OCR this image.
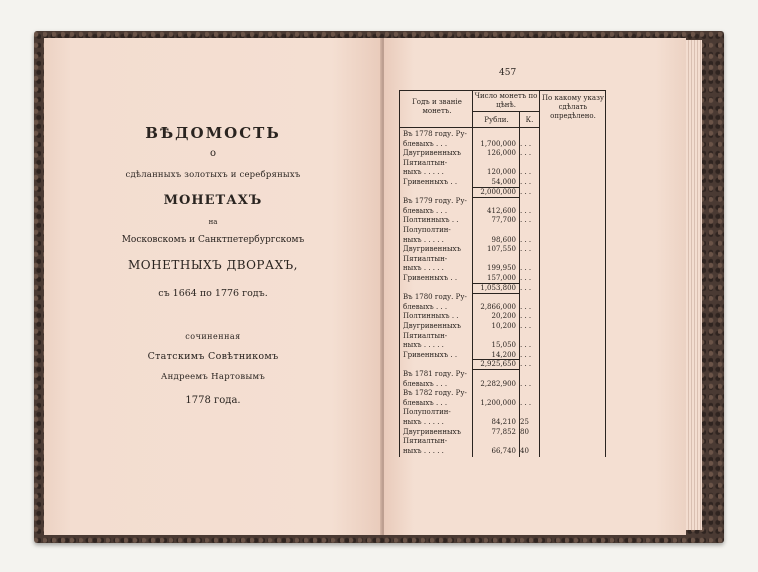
ВѢДОМОСТЬ
о
сдѣланныхъ золотыхъ и серебряныхъ
МОНЕТАХЪ
на
Московскомъ и Санктпетербургскомъ
МОНЕТНЫХЪ ДВОРАХЪ,
съ 1664 по 1776 годъ.
сочиненная
Статскимъ Совѣтникомъ
Андреемъ Нартовымъ
1778 года.
457
Годъ и званіе монетъ.
Число монетъ по цѣнѣ.
Рубли.	К.
По какому указу сдѣлать опредѣлено.
Въ 1778 году. Ру-
блевыхъ . . .	1,700,000 . . .
Двугривенныхъ	126,000 . . .
Пятиалтын-
ныхъ . . . . .	120,000 . . .
Гривенныхъ . .	54,000 . . .
2,000,000 . . .
Въ 1779 году. Ру-
блевыхъ . . .	412,600 . . .
Полтинныхъ . .	77,700 . . .
Полуполтин-
ныхъ . . . . .	98,600 . . .
Двугривенныхъ	107,550 . . .
Пятиалтын-
ныхъ . . . . .	199,950 . . .
Гривенныхъ . .	157,000 . . .
1,053,800 . . .
Въ 1780 году. Ру-
блевыхъ . . .	2,866,000 . . .
Полтинныхъ . .	20,200 . . .
Двугривенныхъ	10,200 . . .
Пятиалтын-
ныхъ . . . . .	15,050 . . .
Гривенныхъ . .	14,200 . . .
2,925,650 . . .
Въ 1781 году. Ру-
блевыхъ . . .	2,282,900 . . .
Въ 1782 году. Ру-
блевыхъ . . .	1,200,000 . . .
Полуполтин-
ныхъ . . . . .	84,210 25
Двугривенныхъ	77,852 80
Пятиалтын-
ныхъ . . . . .	66,740 40
